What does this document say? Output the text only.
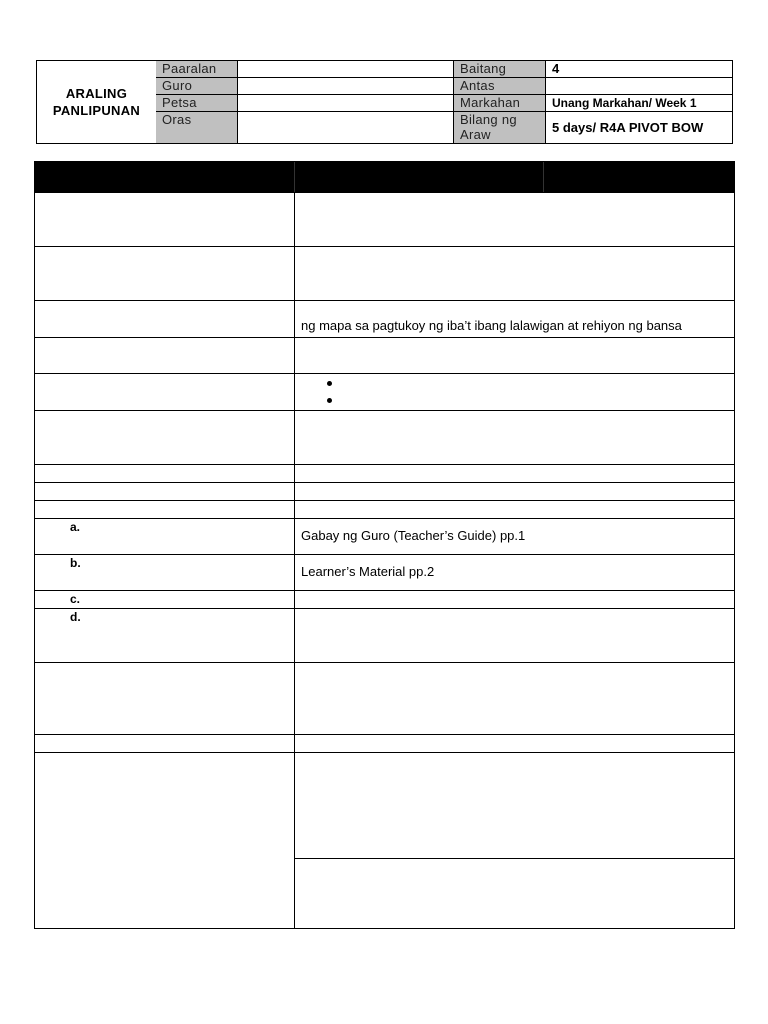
ARALING
PANLIPUNAN
Paaralan
Guro
Petsa
Oras
Baitang
Antas
Markahan
Bilang ng
Araw
4
Unang Markahan/ Week 1
5 days/ R4A PIVOT BOW
ng mapa sa pagtukoy ng iba’t ibang lalawigan at rehiyon ng bansa
a.
Gabay ng Guro (Teacher’s Guide) pp.1
b.
Learner’s Material pp.2
c.
d.
